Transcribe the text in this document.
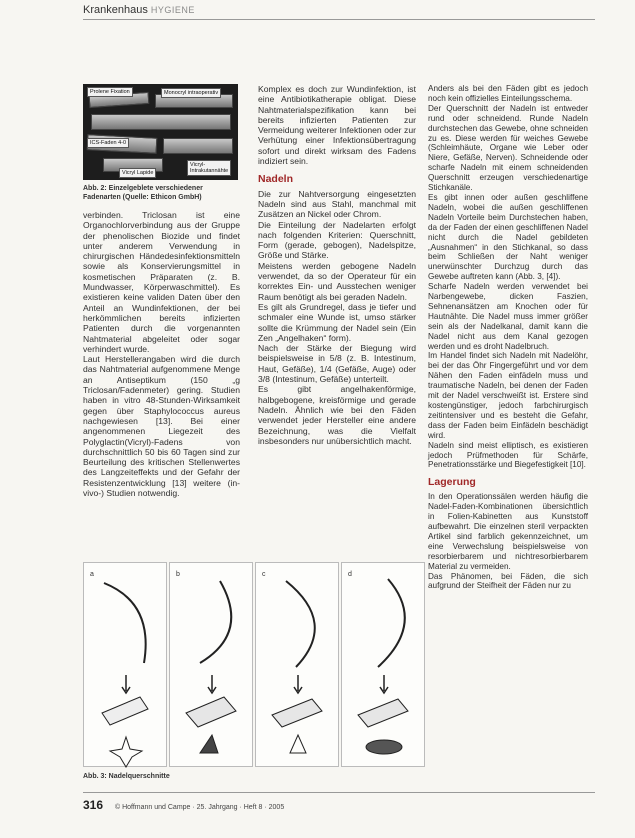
Krankenhaus HYGIENE
Prolene Fixation	Monocryl intraoperativ
ICS-Faden 4-0
Vicryl Lapide
Vicryl-Intrakutannähte
Abb. 2: Einzelgeblete verschiedener Fadenarten (Quelle: Ethicon GmbH)

verbinden. Triclosan ist eine Organochlorverbindung aus der Gruppe der phenolischen Biozide und findet unter anderem Verwendung in chirurgischen Händedesinfektionsmitteln sowie als Konservierungsmittel in kosmetischen Präparaten (z. B. Mundwasser, Körperwaschmittel). Es existieren keine validen Daten über den Anteil an Wundinfektionen, der bei herkömmlichen bereits infizierten Patienten durch die vorgenannten Nahtmaterial abgeleitet oder sogar verhindert wurde.

Laut Herstellerangaben wird die durch das Nahtmaterial aufgenommene Menge an Antiseptikum (150 „g Triclosan/Fadenmeter) gering. Studien haben in vitro 48-Stunden-Wirksamkeit gegen über Staphylococcus aureus nachgewiesen [13]. Bei einer angenommenen Liegezeit des Polyglactin(Vicryl)-Fadens von durchschnittlich 50 bis 60 Tagen sind zur Beurteilung des kritischen Stellenwertes des Langzeiteffekts und der Gefahr der Resistenzentwicklung [13] weitere (in-vivo-) Studien notwendig.

Komplex es doch zur Wundinfektion, ist eine Antibiotikatherapie obligat. Diese Nahtmaterialspezifikation kann bei bereits infizierten Patienten zur Vermeidung weiterer Infektionen oder zur Verhütung einer Infektionsübertragung sofort und direkt wirksam des Fadens indiziert sein.

Nadeln

Die zur Nahtversorgung eingesetzten Nadeln sind aus Stahl, manchmal mit Zusätzen an Nickel oder Chrom.

Die Einteilung der Nadelarten erfolgt nach folgenden Kriterien: Querschnitt, Form (gerade, gebogen), Nadelspitze, Größe und Stärke.

Meistens werden gebogene Nadeln verwendet, da so der Operateur für ein korrektes Ein- und Ausstechen weniger Raum benötigt als bei geraden Nadeln.

Es gilt als Grundregel, dass je tiefer und schmaler eine Wunde ist, umso stärker sollte die Krümmung der Nadel sein (Ein Zen „Angelhaken“ form).

Nach der Stärke der Biegung wird beispielsweise in 5/8 (z. B. Intestinum, Haut, Gefäße), 1/4 (Gefäße, Auge) oder 3/8 (Intestinum, Gefäße) unterteilt.

Es gibt angelhakenförmige, halbgebogene, kreisförmige und gerade Nadeln. Ähnlich wie bei den Fäden verwendet jeder Hersteller eine andere Bezeichnung, was die Vielfalt insbesonders nur unübersichtlich macht.

Anders als bei den Fäden gibt es jedoch noch kein offizielles Einteilungsschema.

Der Querschnitt der Nadeln ist entweder rund oder schneidend. Runde Nadeln durchstechen das Gewebe, ohne schneiden zu es. Diese werden für weiches Gewebe (Schleimhäute, Organe wie Leber oder Niere, Gefäße, Nerven). Schneidende oder scharfe Nadeln mit einem schneidenden Querschnitt erzeugen verschiedenartige Stichkanäle.

Es gibt innen oder außen geschliffene Nadeln, wobei die außen geschliffenen Nadeln Vorteile beim Durchstechen haben, da der Faden der einen geschliffenen Nadel nicht durch die Nadel gebildeten „Ausnahmen“ in den Stichkanal, so dass beim Schließen der Naht weniger unerwünschter Durchzug durch das Gewebe auftreten kann (Abb. 3, [4]).

Scharfe Nadeln werden verwendet bei Narbengewebe, dicken Faszien, Sehnenansätzen am Knochen oder für Hautnähte. Die Nadel muss immer größer sein als der Nadelkanal, damit kann die Nadel nicht aus dem Kanal gezogen werden und es droht Nadelbruch.

Im Handel findet sich Nadeln mit Nadelöhr, bei der das Öhr Fingergeführt und vor dem Nähen den Faden einfädeln muss und traumatische Nadeln, bei denen der Faden mit der Nadel verschweißt ist. Erstere sind kostengünstiger, jedoch farbchirurgisch zeitintensiver und es besteht die Gefahr, dass der Faden beim Einfädeln beschädigt wird.

Nadeln sind meist elliptisch, es existieren jedoch Prüfmethoden für Schärfe, Penetrationsstärke und Biegefestigkeit [10].

Lagerung

In den Operationssälen werden häufig die Nadel-Faden-Kombinationen übersichtlich in Folien-Kabinetten aus Kunststoff aufbewahrt. Die einzelnen steril verpackten Artikel sind farblich gekennzeichnet, um eine Verwechslung beispielsweise von resorbierbarem und nichtresorbierbarem Material zu vermeiden.

Das Phänomen, bei Fäden, die sich aufgrund der Steifheit der Fäden nur zu

a	b	c	d
Abb. 3: Nadelquerschnitte
316 © Hoffmann und Campe · 25. Jahrgang · Heft 8 · 2005
